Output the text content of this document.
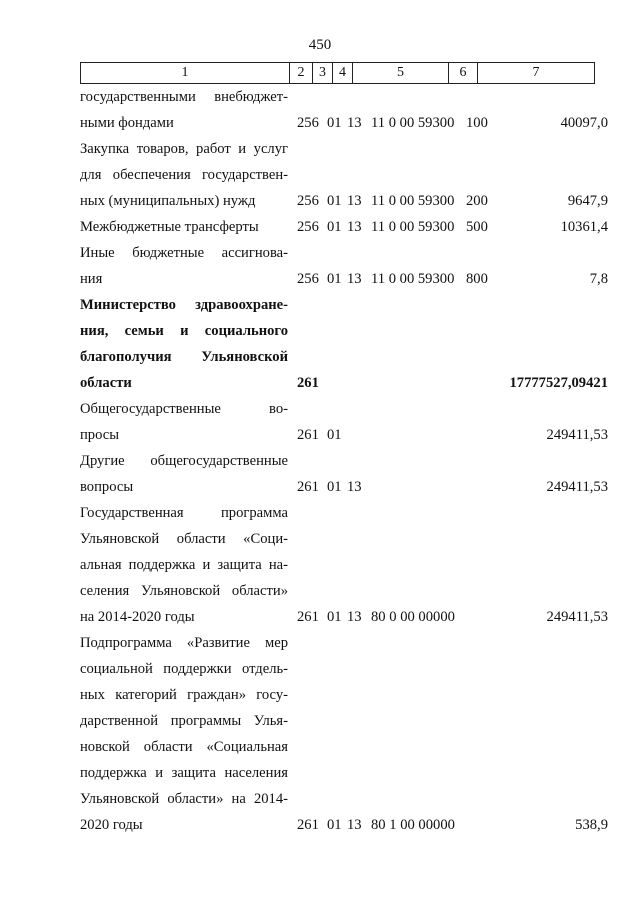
450
1	2	3	4	5	6	7
государственными внебюджет-
ными фондами	256 01 13 11 0 00 59300 100	40097,0
Закупка товаров, работ и услуг
для обеспечения государствен-
ных (муниципальных) нужд	256 01 13 11 0 00 59300 200	9647,9
Межбюджетные трансферты	256 01 13 11 0 00 59300 500	10361,4
Иные бюджетные ассигнова-
ния	256 01 13 11 0 00 59300 800	7,8
Министерство здравоохране-
ния, семьи и социального
благополучия Ульяновской
области	261	17777527,09421
Общегосударственные во-
просы	261 01	249411,53
Другие общегосударственные
вопросы	261 01 13	249411,53
Государственная программа
Ульяновской области «Соци-
альная поддержка и защита на-
селения Ульяновской области»
на 2014-2020 годы	261 01 13 80 0 00 00000	249411,53
Подпрограмма «Развитие мер
социальной поддержки отдель-
ных категорий граждан» госу-
дарственной программы Улья-
новской области «Социальная
поддержка и защита населения
Ульяновской области» на 2014-
2020 годы	261 01 13 80 1 00 00000	538,9
